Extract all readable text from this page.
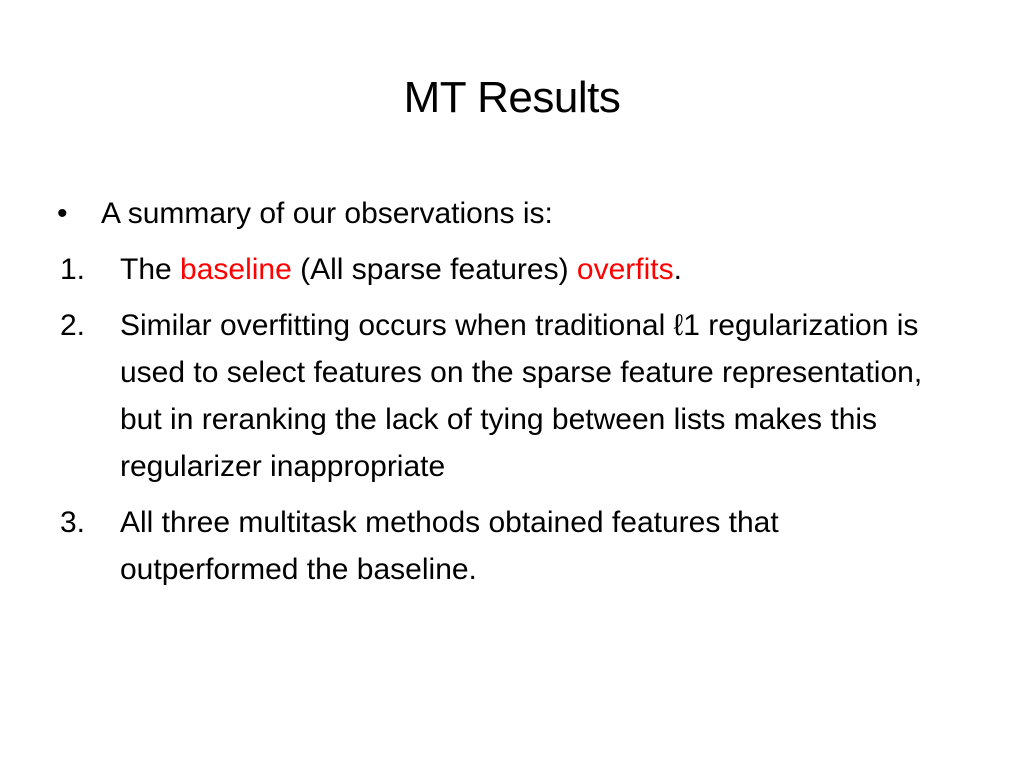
MT Results
• A summary of our observations is:
1. The baseline (All sparse features) overfits.
2. Similar overfitting occurs when traditional ℓ1 regularization is used to select features on the sparse feature representation, but in reranking the lack of tying between lists makes this regularizer inappropriate
3. All three multitask methods obtained features that outperformed the baseline.
